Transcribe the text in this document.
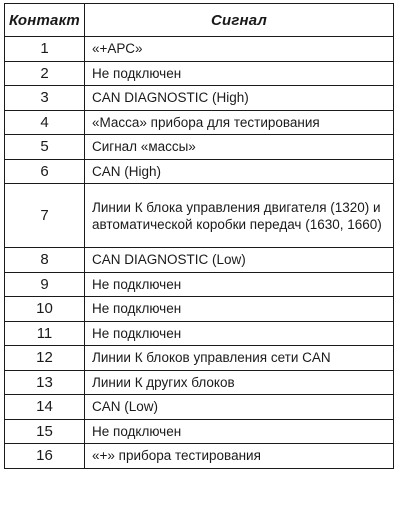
Контакт	Сигнал
1	«+АРС»
2	Не подключен
3	CAN DIAGNOSTIC (High)
4	«Масса» прибора для тестирования
5	Сигнал «массы»
6	CAN (High)
7	Линии К блока управления двигателя (1320) и автоматической коробки передач (1630, 1660)
8	CAN DIAGNOSTIC (Low)
9	Не подключен
10	Не подключен
11	Не подключен
12	Линии К блоков управления сети CAN
13	Линии К других блоков
14	CAN (Low)
15	Не подключен
16	«+» прибора тестирования
